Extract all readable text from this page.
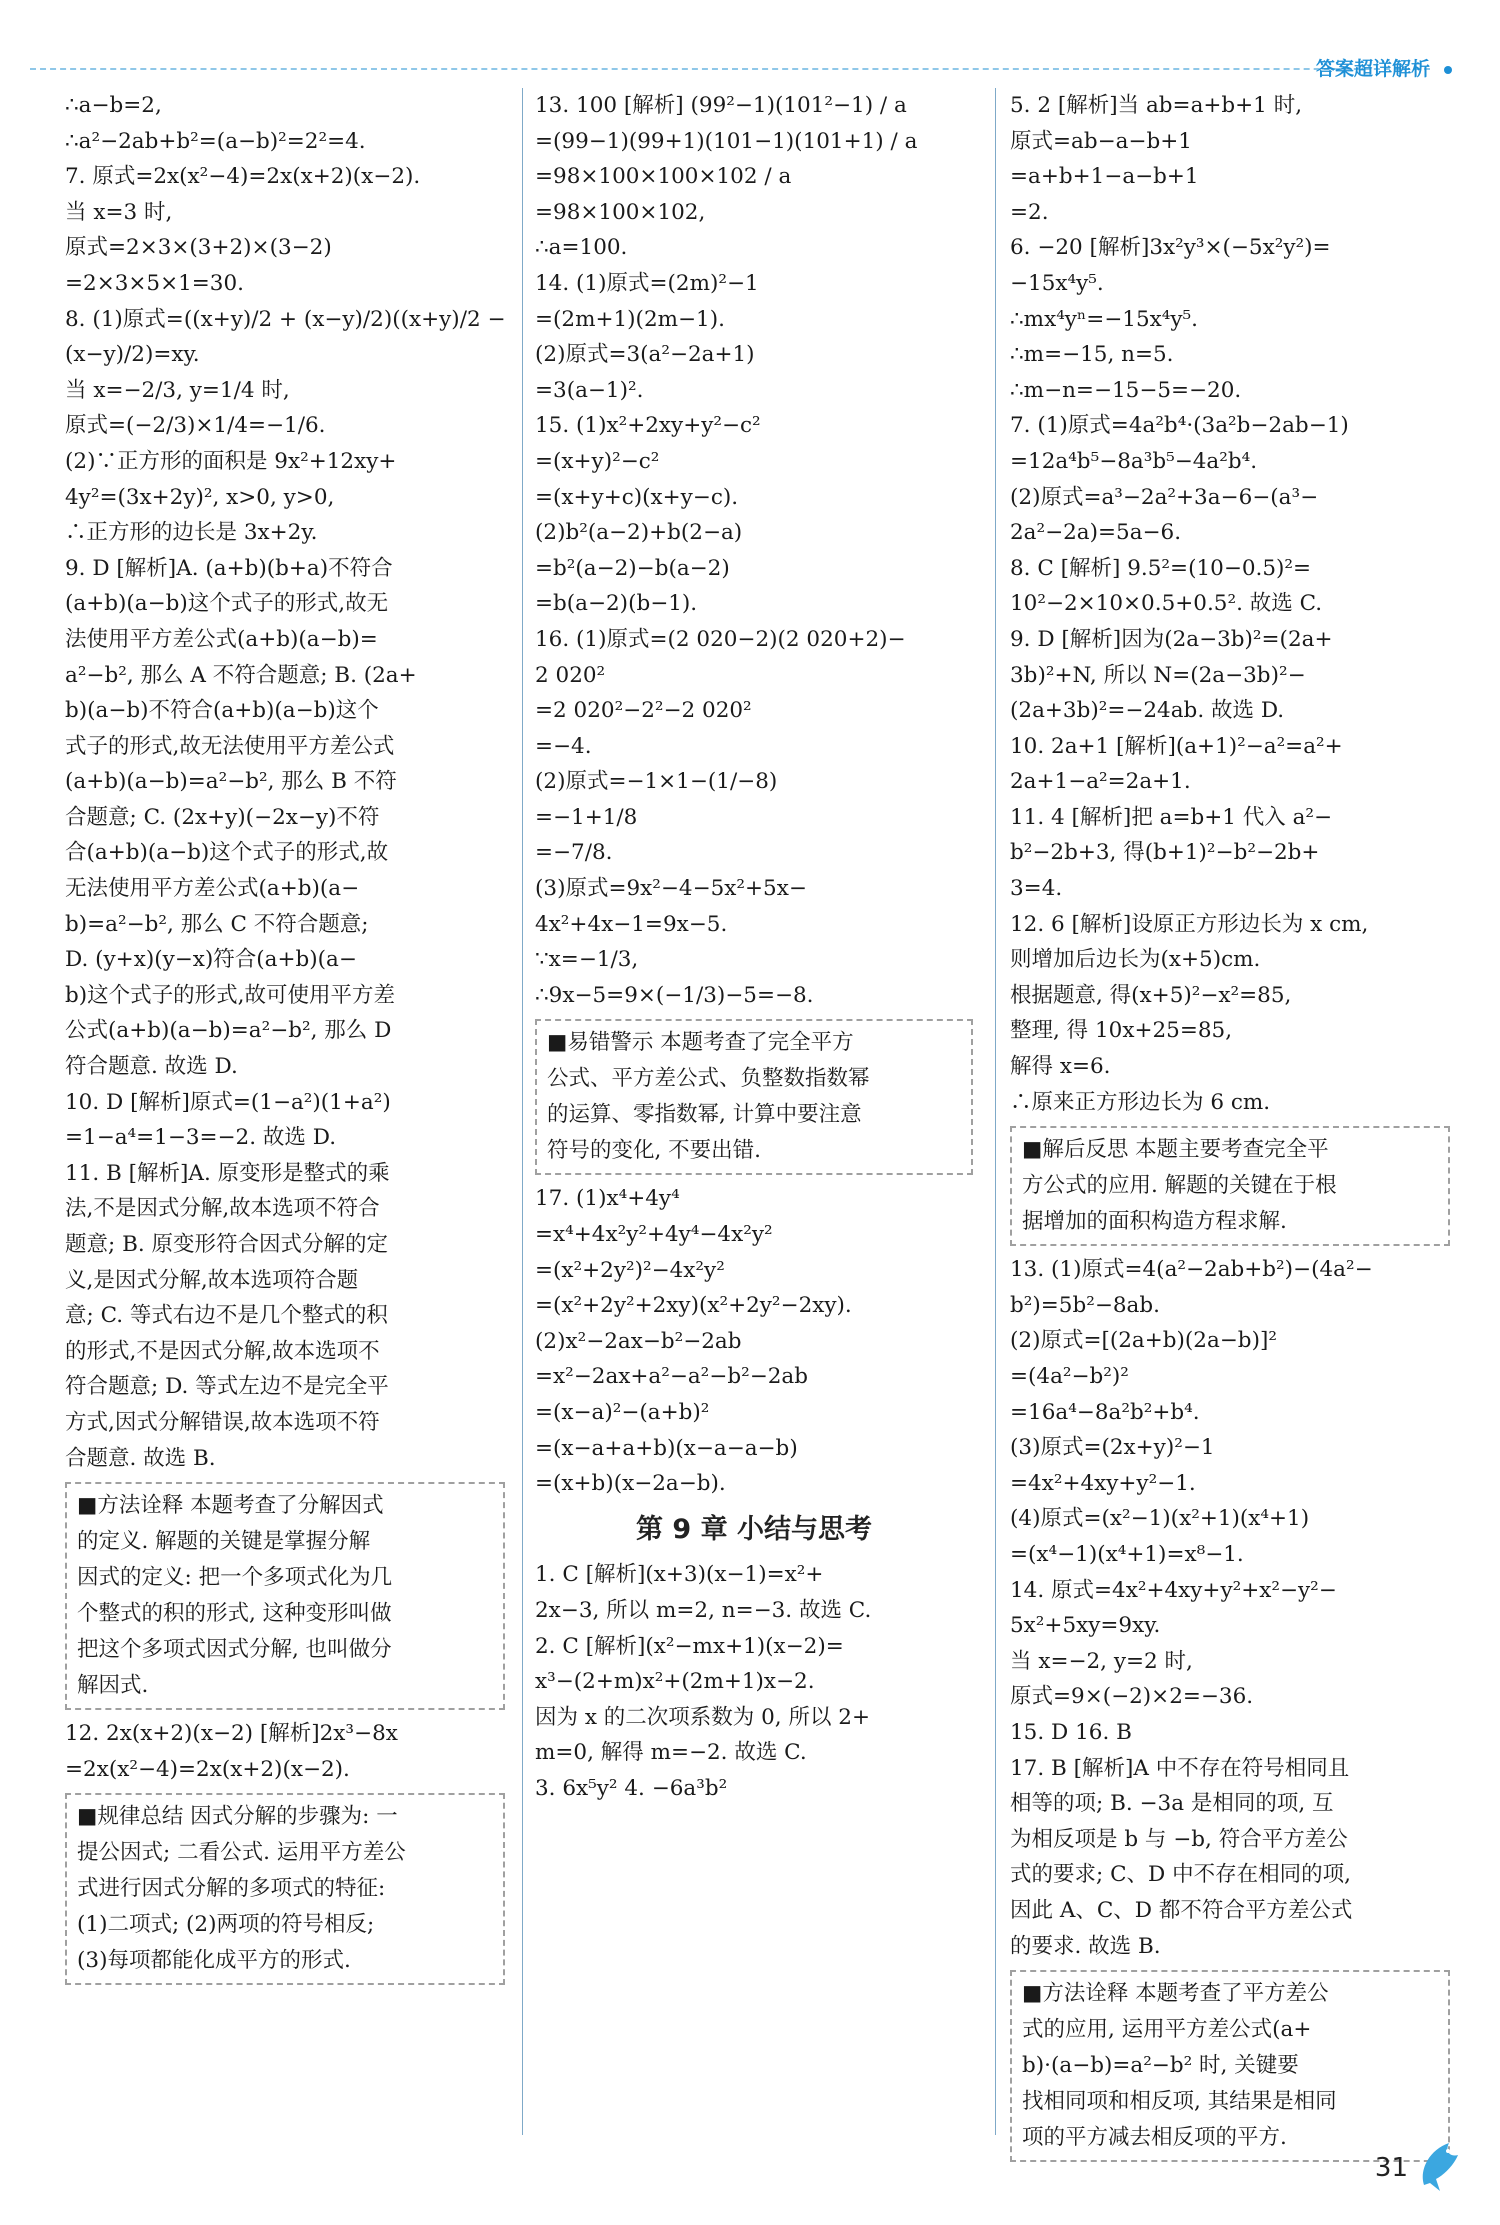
答案超详解析
∴a−b=2,
∴a²−2ab+b²=(a−b)²=2²=4.
7. 原式=2x(x²−4)=2x(x+2)(x−2).
当 x=3 时,
原式=2×3×(3+2)×(3−2)
=2×3×5×1=30.
8. (1)原式=((x+y)/2 + (x−y)/2)((x+y)/2 −
(x−y)/2)=xy.
当 x=−2/3, y=1/4 时,
原式=(−2/3)×1/4=−1/6.
(2)∵正方形的面积是 9x²+12xy+
4y²=(3x+2y)², x>0, y>0,
∴正方形的边长是 3x+2y.
9. D [解析]A. (a+b)(b+a)不符合
(a+b)(a−b)这个式子的形式,故无
法使用平方差公式(a+b)(a−b)=
a²−b², 那么 A 不符合题意; B. (2a+
b)(a−b)不符合(a+b)(a−b)这个
式子的形式,故无法使用平方差公式
(a+b)(a−b)=a²−b², 那么 B 不符
合题意; C. (2x+y)(−2x−y)不符
合(a+b)(a−b)这个式子的形式,故
无法使用平方差公式(a+b)(a−
b)=a²−b², 那么 C 不符合题意;
D. (y+x)(y−x)符合(a+b)(a−
b)这个式子的形式,故可使用平方差
公式(a+b)(a−b)=a²−b², 那么 D
符合题意. 故选 D.
10. D [解析]原式=(1−a²)(1+a²)
=1−a⁴=1−3=−2. 故选 D.
11. B [解析]A. 原变形是整式的乘
法,不是因式分解,故本选项不符合
题意; B. 原变形符合因式分解的定
义,是因式分解,故本选项符合题
意; C. 等式右边不是几个整式的积
的形式,不是因式分解,故本选项不
符合题意; D. 等式左边不是完全平
方式,因式分解错误,故本选项不符
合题意. 故选 B.
■方法诠释 本题考查了分解因式
的定义. 解题的关键是掌握分解
因式的定义: 把一个多项式化为几
个整式的积的形式, 这种变形叫做
把这个多项式因式分解, 也叫做分
解因式.
12. 2x(x+2)(x−2) [解析]2x³−8x
=2x(x²−4)=2x(x+2)(x−2).
■规律总结 因式分解的步骤为: 一
提公因式; 二看公式. 运用平方差公
式进行因式分解的多项式的特征:
(1)二项式; (2)两项的符号相反;
(3)每项都能化成平方的形式.
13. 100 [解析] (99²−1)(101²−1) / a
=(99−1)(99+1)(101−1)(101+1) / a
=98×100×100×102 / a
=98×100×102,
∴a=100.
14. (1)原式=(2m)²−1
=(2m+1)(2m−1).
(2)原式=3(a²−2a+1)
=3(a−1)².
15. (1)x²+2xy+y²−c²
=(x+y)²−c²
=(x+y+c)(x+y−c).
(2)b²(a−2)+b(2−a)
=b²(a−2)−b(a−2)
=b(a−2)(b−1).
16. (1)原式=(2 020−2)(2 020+2)−
2 020²
=2 020²−2²−2 020²
=−4.
(2)原式=−1×1−(1/−8)
=−1+1/8
=−7/8.
(3)原式=9x²−4−5x²+5x−
4x²+4x−1=9x−5.
∵x=−1/3,
∴9x−5=9×(−1/3)−5=−8.
■易错警示 本题考查了完全平方
公式、平方差公式、负整数指数幂
的运算、零指数幂, 计算中要注意
符号的变化, 不要出错.
17. (1)x⁴+4y⁴
=x⁴+4x²y²+4y⁴−4x²y²
=(x²+2y²)²−4x²y²
=(x²+2y²+2xy)(x²+2y²−2xy).
(2)x²−2ax−b²−2ab
=x²−2ax+a²−a²−b²−2ab
=(x−a)²−(a+b)²
=(x−a+a+b)(x−a−a−b)
=(x+b)(x−2a−b).
第 9 章 小结与思考
1. C [解析](x+3)(x−1)=x²+
2x−3, 所以 m=2, n=−3. 故选 C.
2. C [解析](x²−mx+1)(x−2)=
x³−(2+m)x²+(2m+1)x−2.
因为 x 的二次项系数为 0, 所以 2+
m=0, 解得 m=−2. 故选 C.
3. 6x⁵y² 4. −6a³b²
5. 2 [解析]当 ab=a+b+1 时,
原式=ab−a−b+1
=a+b+1−a−b+1
=2.
6. −20 [解析]3x²y³×(−5x²y²)=
−15x⁴y⁵.
∴mx⁴yⁿ=−15x⁴y⁵.
∴m=−15, n=5.
∴m−n=−15−5=−20.
7. (1)原式=4a²b⁴·(3a²b−2ab−1)
=12a⁴b⁵−8a³b⁵−4a²b⁴.
(2)原式=a³−2a²+3a−6−(a³−
2a²−2a)=5a−6.
8. C [解析] 9.5²=(10−0.5)²=
10²−2×10×0.5+0.5². 故选 C.
9. D [解析]因为(2a−3b)²=(2a+
3b)²+N, 所以 N=(2a−3b)²−
(2a+3b)²=−24ab. 故选 D.
10. 2a+1 [解析](a+1)²−a²=a²+
2a+1−a²=2a+1.
11. 4 [解析]把 a=b+1 代入 a²−
b²−2b+3, 得(b+1)²−b²−2b+
3=4.
12. 6 [解析]设原正方形边长为 x cm,
则增加后边长为(x+5)cm.
根据题意, 得(x+5)²−x²=85,
整理, 得 10x+25=85,
解得 x=6.
∴原来正方形边长为 6 cm.
■解后反思 本题主要考查完全平
方公式的应用. 解题的关键在于根
据增加的面积构造方程求解.
13. (1)原式=4(a²−2ab+b²)−(4a²−
b²)=5b²−8ab.
(2)原式=[(2a+b)(2a−b)]²
=(4a²−b²)²
=16a⁴−8a²b²+b⁴.
(3)原式=(2x+y)²−1
=4x²+4xy+y²−1.
(4)原式=(x²−1)(x²+1)(x⁴+1)
=(x⁴−1)(x⁴+1)=x⁸−1.
14. 原式=4x²+4xy+y²+x²−y²−
5x²+5xy=9xy.
当 x=−2, y=2 时,
原式=9×(−2)×2=−36.
15. D 16. B
17. B [解析]A 中不存在符号相同且
相等的项; B. −3a 是相同的项, 互
为相反项是 b 与 −b, 符合平方差公
式的要求; C、D 中不存在相同的项,
因此 A、C、D 都不符合平方差公式
的要求. 故选 B.
■方法诠释 本题考查了平方差公
式的应用, 运用平方差公式(a+
b)·(a−b)=a²−b² 时, 关键要
找相同项和相反项, 其结果是相同
项的平方减去相反项的平方.
31
